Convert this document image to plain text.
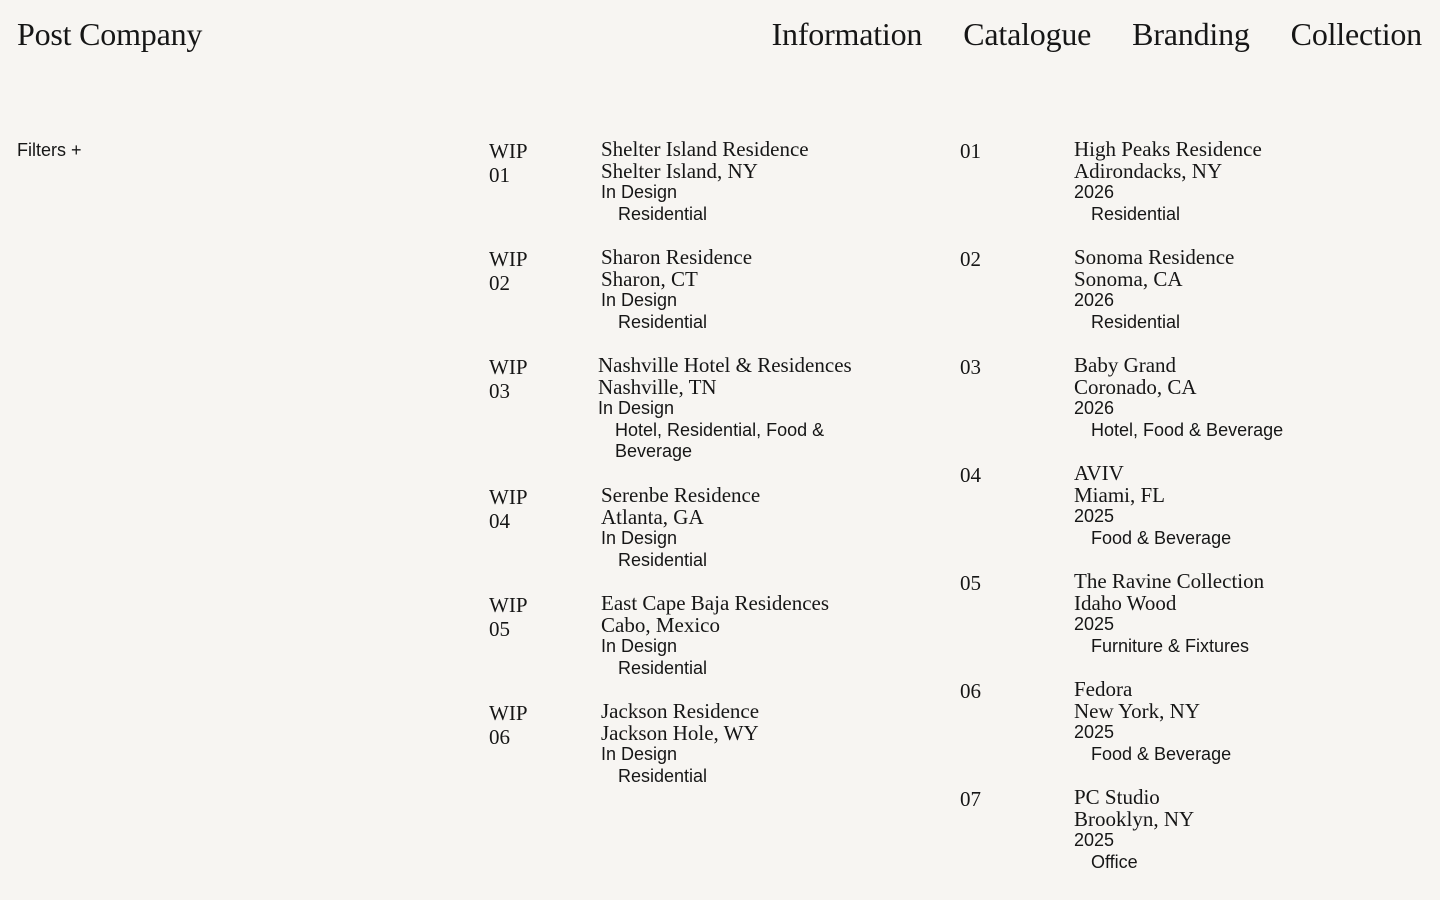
Post Company	Information Catalogue Branding Collection
Filters +	WIP 01
Shelter Island Residence
Shelter Island, NY
In Design
Residential
WIP 02
Sharon Residence
Sharon, CT
In Design
Residential
WIP 03
Nashville Hotel & Residences
Nashville, TN
In Design
Hotel, Residential, Food & Beverage
WIP 04
Serenbe Residence
Atlanta, GA
In Design
Residential
WIP 05
East Cape Baja Residences
Cabo, Mexico
In Design
Residential
WIP 06
Jackson Residence
Jackson Hole, WY
In Design
Residential
01	High Peaks Residence
Adirondacks, NY
2026
Residential
02	Sonoma Residence
Sonoma, CA
2026
Residential
03	Baby Grand
Coronado, CA
2026
Hotel, Food & Beverage
04	AVIV
Miami, FL
2025
Food & Beverage
05	The Ravine Collection
Idaho Wood
2025
Furniture & Fixtures
06	Fedora
New York, NY
2025
Food & Beverage
07	PC Studio
Brooklyn, NY
2025
Office
